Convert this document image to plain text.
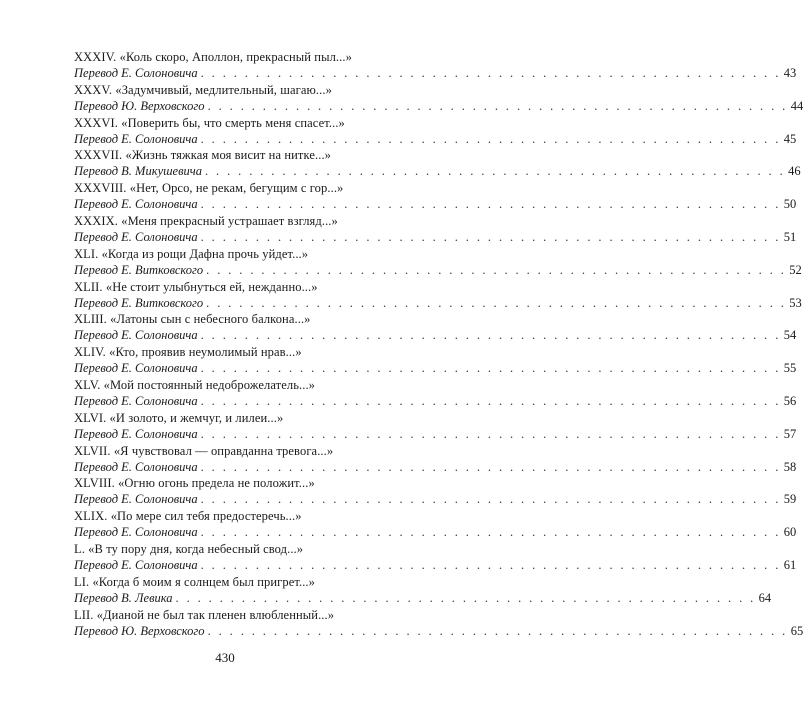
XXXIV. «Коль скоро, Аполлон, прекрасный пыл...»
Перевод Е. Солоновича . . . . . . . . . . . . . . . . . . . . . . . . . . . . . . . . . . . . . . . . . . . . . . . . . . . . . 43
XXXV. «Задумчивый, медлительный, шагаю...»
Перевод Ю. Верховского . . . . . . . . . . . . . . . . . . . . . . . . . . . . . . . . . . . . . . . . . . . . . . . . . . . . . 44
XXXVI. «Поверить бы, что смерть меня спасет...»
Перевод Е. Солоновича . . . . . . . . . . . . . . . . . . . . . . . . . . . . . . . . . . . . . . . . . . . . . . . . . . . . . 45
XXXVII. «Жизнь тяжкая моя висит на нитке...»
Перевод В. Микушевича . . . . . . . . . . . . . . . . . . . . . . . . . . . . . . . . . . . . . . . . . . . . . . . . . . . . . 46
XXXVIII. «Нет, Орсо, не рекам, бегущим с гор...»
Перевод Е. Солоновича . . . . . . . . . . . . . . . . . . . . . . . . . . . . . . . . . . . . . . . . . . . . . . . . . . . . . 50
XXXIX. «Меня прекрасный устрашает взгляд...»
Перевод Е. Солоновича . . . . . . . . . . . . . . . . . . . . . . . . . . . . . . . . . . . . . . . . . . . . . . . . . . . . . 51
XLI. «Когда из рощи Дафна прочь уйдет...»
Перевод Е. Витковского . . . . . . . . . . . . . . . . . . . . . . . . . . . . . . . . . . . . . . . . . . . . . . . . . . . . . 52
XLII. «Не стоит улыбнуться ей, нежданно...»
Перевод Е. Витковского . . . . . . . . . . . . . . . . . . . . . . . . . . . . . . . . . . . . . . . . . . . . . . . . . . . . . 53
XLIII. «Латоны сын с небесного балкона...»
Перевод Е. Солоновича . . . . . . . . . . . . . . . . . . . . . . . . . . . . . . . . . . . . . . . . . . . . . . . . . . . . . 54
XLIV. «Кто, проявив неумолимый нрав...»
Перевод Е. Солоновича . . . . . . . . . . . . . . . . . . . . . . . . . . . . . . . . . . . . . . . . . . . . . . . . . . . . . 55
XLV. «Мой постоянный недоброжелатель...»
Перевод Е. Солоновича . . . . . . . . . . . . . . . . . . . . . . . . . . . . . . . . . . . . . . . . . . . . . . . . . . . . . 56
XLVI. «И золото, и жемчуг, и лилеи...»
Перевод Е. Солоновича . . . . . . . . . . . . . . . . . . . . . . . . . . . . . . . . . . . . . . . . . . . . . . . . . . . . . 57
XLVII. «Я чувствовал — оправданна тревога...»
Перевод Е. Солоновича . . . . . . . . . . . . . . . . . . . . . . . . . . . . . . . . . . . . . . . . . . . . . . . . . . . . . 58
XLVIII. «Огню огонь предела не положит...»
Перевод Е. Солоновича . . . . . . . . . . . . . . . . . . . . . . . . . . . . . . . . . . . . . . . . . . . . . . . . . . . . . 59
XLIX. «По мере сил тебя предостеречь...»
Перевод Е. Солоновича . . . . . . . . . . . . . . . . . . . . . . . . . . . . . . . . . . . . . . . . . . . . . . . . . . . . . 60
L. «В ту пору дня, когда небесный свод...»
Перевод Е. Солоновича . . . . . . . . . . . . . . . . . . . . . . . . . . . . . . . . . . . . . . . . . . . . . . . . . . . . . 61
LI. «Когда б моим я солнцем был пригрет...»
Перевод В. Левика . . . . . . . . . . . . . . . . . . . . . . . . . . . . . . . . . . . . . . . . . . . . . . . . . . . . . 64
LII. «Дианой не был так пленен влюбленный...»
Перевод Ю. Верховского . . . . . . . . . . . . . . . . . . . . . . . . . . . . . . . . . . . . . . . . . . . . . . . . . . . . . 65
430
